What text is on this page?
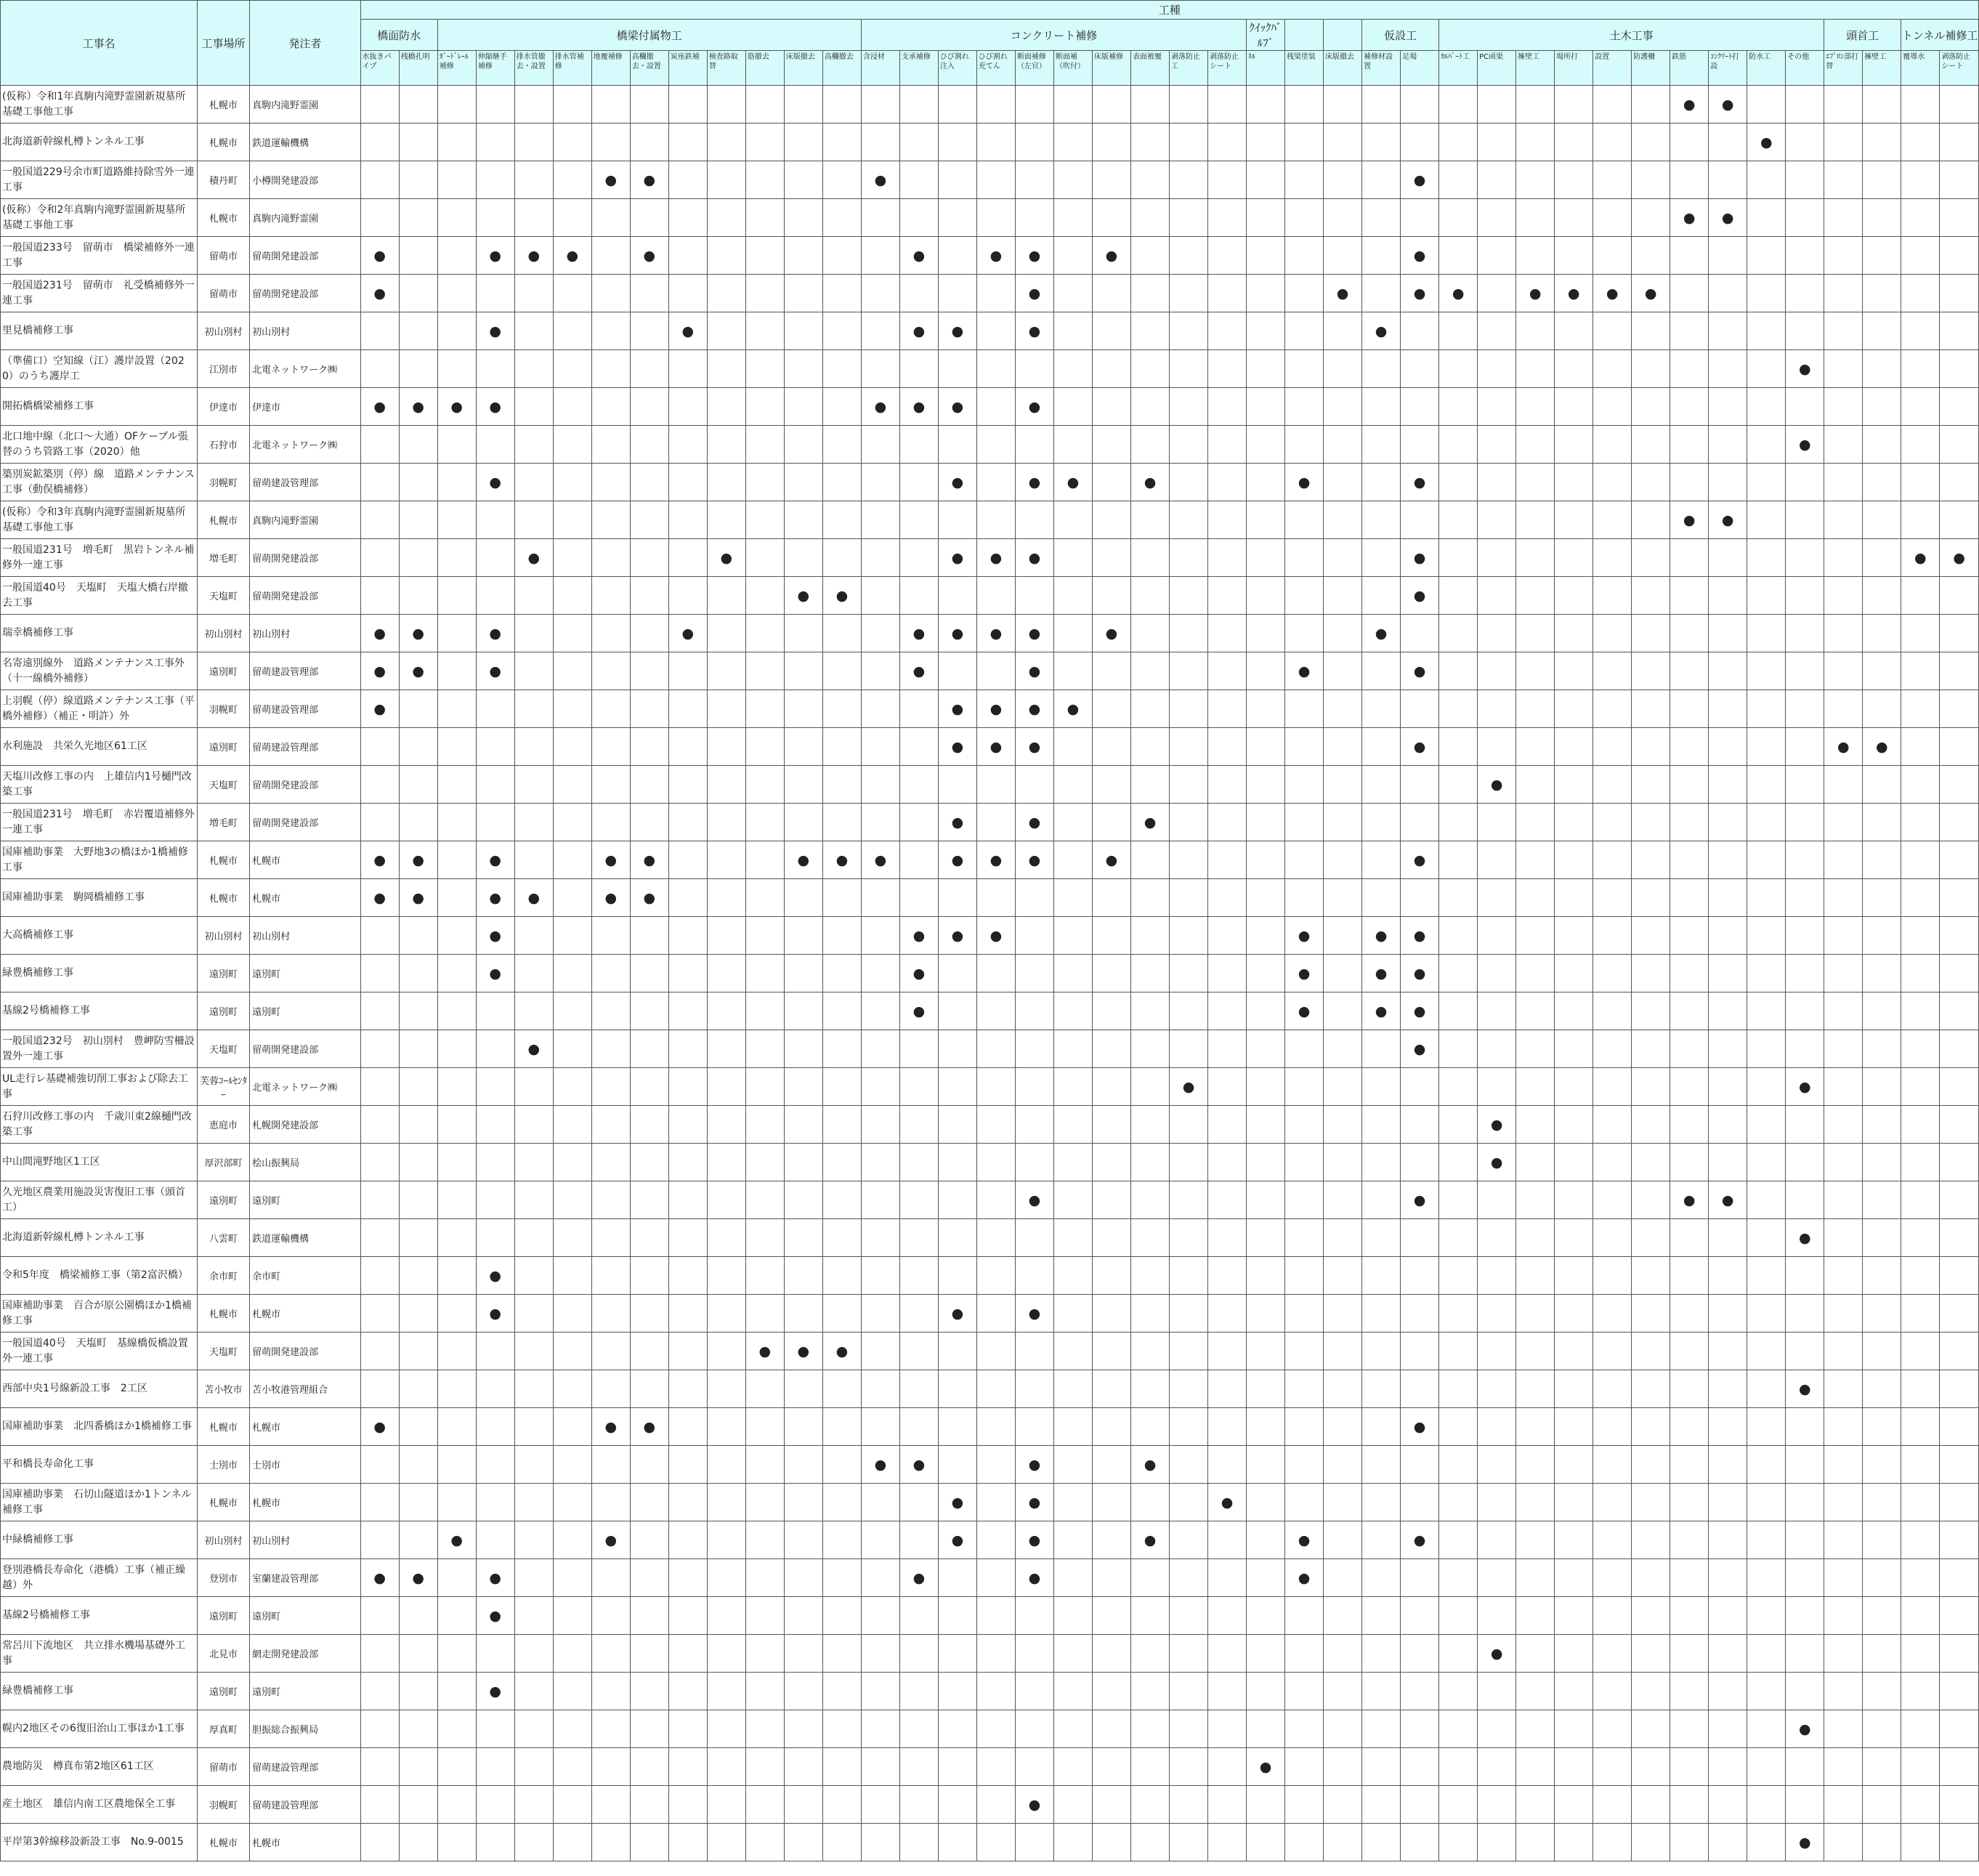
工事名	工事場所	発注者	工種																																									
			橋面防水		橋梁付属物工											コンクリート補修										ｸｲｯｸﾊﾞﾙﾌﾞ			仮設工		土木工事										頭首工		トンネル補修工	
			水抜きパイプ	桟橋孔明	ｶﾞｰﾄﾞﾚｰﾙ補修	伸縮継手補修	排水管撤去・設置	排水管補修	地覆補修	高欄撤去・設置	炭座鉄補	検査路取替	筋撤去	床版撤去	高欄撤去	含浸材	支承補修	ひび割れ注入	ひび割れ充てん	断面補修（左官）	断面補（吹付）	床版補修	表面被覆	剥落防止工	剥落防止シート	ﾈﾙ	桟梁塗装	床版撤去	補修材設置	足場	ｶﾙﾊﾞｰﾄ工	PC函渠	擁壁工	場所打	設置	防護柵	鉄筋	ｺﾝｸﾘｰﾄ打設	防水工	その他	ｴﾌﾟﾛﾝ部打替	擁壁工	覆導水	剥落防止シート
(仮称）令和1年真駒内滝野霊園新規墓所基礎工事他工事	札幌市	真駒内滝野霊園																																			●	●						
北海道新幹線札樽トンネル工事	札幌市	鉄道運輸機構																																					●					
一般国道229号余市町道路維持除雪外一連工事	積丹町	小樽開発建設部							●	●						●														●														
(仮称）令和2年真駒内滝野霊園新規墓所基礎工事他工事	札幌市	真駒内滝野霊園																																			●	●						
一般国道233号　留萌市　橋梁補修外一連工事	留萌市	留萌開発建設部	●			●	●	●		●							●		●	●		●								●														
一般国道231号　留萌市　礼受橋補修外一連工事	留萌市	留萌開発建設部	●																	●								●		●	●		●	●	●	●								
里見橋補修工事	初山別村	初山別村				●					●						●	●		●									●															
（準備口）空知線（江）護岸設置（2020）のうち護岸工	江別市	北電ネットワーク㈱																																						●				
開拓橋橋梁補修工事	伊達市	伊達市	●	●	●	●										●	●	●		●																								
北口地中線（北口～大通）OFケーブル張替のうち管路工事（2020）他	石狩市	北電ネットワーク㈱																																						●				
築別炭鉱築別（停）線　道路メンテナンス工事（動俣橋補修）	羽幌町	留萌建設管理部				●												●		●	●		●				●			●														
(仮称）令和3年真駒内滝野霊園新規墓所基礎工事他工事	札幌市	真駒内滝野霊園																																			●	●						
一般国道231号　増毛町　黒岩トンネル補修外一連工事	増毛町	留萌開発建設部					●					●						●	●	●										●													●	●
一般国道40号　天塩町　天塩大橋右岸撤去工事	天塩町	留萌開発建設部												●	●															●														
瑞幸橋補修工事	初山別村	初山別村	●	●		●					●						●	●	●	●		●							●															
名寄遠別線外　道路メンテナンス工事外（十一線橋外補修）	遠別町	留萌建設管理部	●	●		●											●			●							●			●														
上羽幌（停）線道路メンテナンス工事（平橋外補修）（補正・明許）外	羽幌町	留萌建設管理部	●															●	●	●	●																							
水利施設　共栄久光地区61工区	遠別町	留萌建設管理部																●	●	●										●											●	●		
天塩川改修工事の内　上雄信内1号樋門改築工事	天塩町	留萌開発建設部																														●												
一般国道231号　増毛町　赤岩覆道補修外一連工事	増毛町	留萌開発建設部																●		●			●																					
国庫補助事業　大野地3の橋ほか1橋補修工事	札幌市	札幌市	●	●		●			●	●				●	●	●		●	●	●		●								●														
国庫補助事業　駒岡橋補修工事	札幌市	札幌市	●	●		●	●		●	●																																		
大高橋補修工事	初山別村	初山別村				●											●	●	●								●		●	●														
緑豊橋補修工事	遠別町	遠別町				●											●										●		●	●														
基線2号橋補修工事	遠別町	遠別町															●										●		●	●														
一般国道232号　初山別村　豊岬防雪柵設置外一連工事	天塩町	留萌開発建設部					●																							●														
UL走行レ基礎補強切削工事および除去工事	芙蓉ｺｰﾙｾﾝﾀｰ	北電ネットワーク㈱																						●																●				
石狩川改修工事の内　千歳川東2線樋門改築工事	恵庭市	札幌開発建設部																														●												
中山間滝野地区1工区	厚沢部町	桧山振興局																														●												
久光地区農業用施設災害復旧工事（頭首工）	遠別町	遠別町																		●										●							●	●						
北海道新幹線札樽トンネル工事	八雲町	鉄道運輸機構																																						●				
令和5年度　橋梁補修工事（第2富沢橋）	余市町	余市町				●																																						
国庫補助事業　百合が原公園橋ほか1橋補修工事	札幌市	札幌市				●												●		●																								
一般国道40号　天塩町　基線橋仮橋設置外一連工事	天塩町	留萌開発建設部											●	●	●																													
西部中央1号線新設工事　2工区	苫小牧市	苫小牧港管理組合																																						●				
国庫補助事業　北四番橋ほか1橋補修工事	札幌市	札幌市	●						●	●																				●														
平和橋長寿命化工事	士別市	士別市														●	●			●			●																					
国庫補助事業　石切山隧道ほか1トンネル補修工事	札幌市	札幌市																●		●					●																			
中緑橋補修工事	初山別村	初山別村			●				●									●		●			●				●			●														
登別港橋長寿命化（港橋）工事（補正繰越）外	登別市	室蘭建設管理部	●	●		●											●			●							●																	
基線2号橋補修工事	遠別町	遠別町				●																																						
常呂川下流地区　共立排水機場基礎外工事	北見市	網走開発建設部																														●												
緑豊橋補修工事	遠別町	遠別町				●																																						
幌内2地区その6復旧治山工事ほか1工事	厚真町	胆振総合振興局																																						●				
農地防災　樽真布第2地区61工区	留萌市	留萌建設管理部																								●																		
産土地区　雄信内南工区農地保全工事	羽幌町	留萌建設管理部																		●																								
平岸第3幹線移設新設工事　No.9-0015	札幌市	札幌市																																						●				
